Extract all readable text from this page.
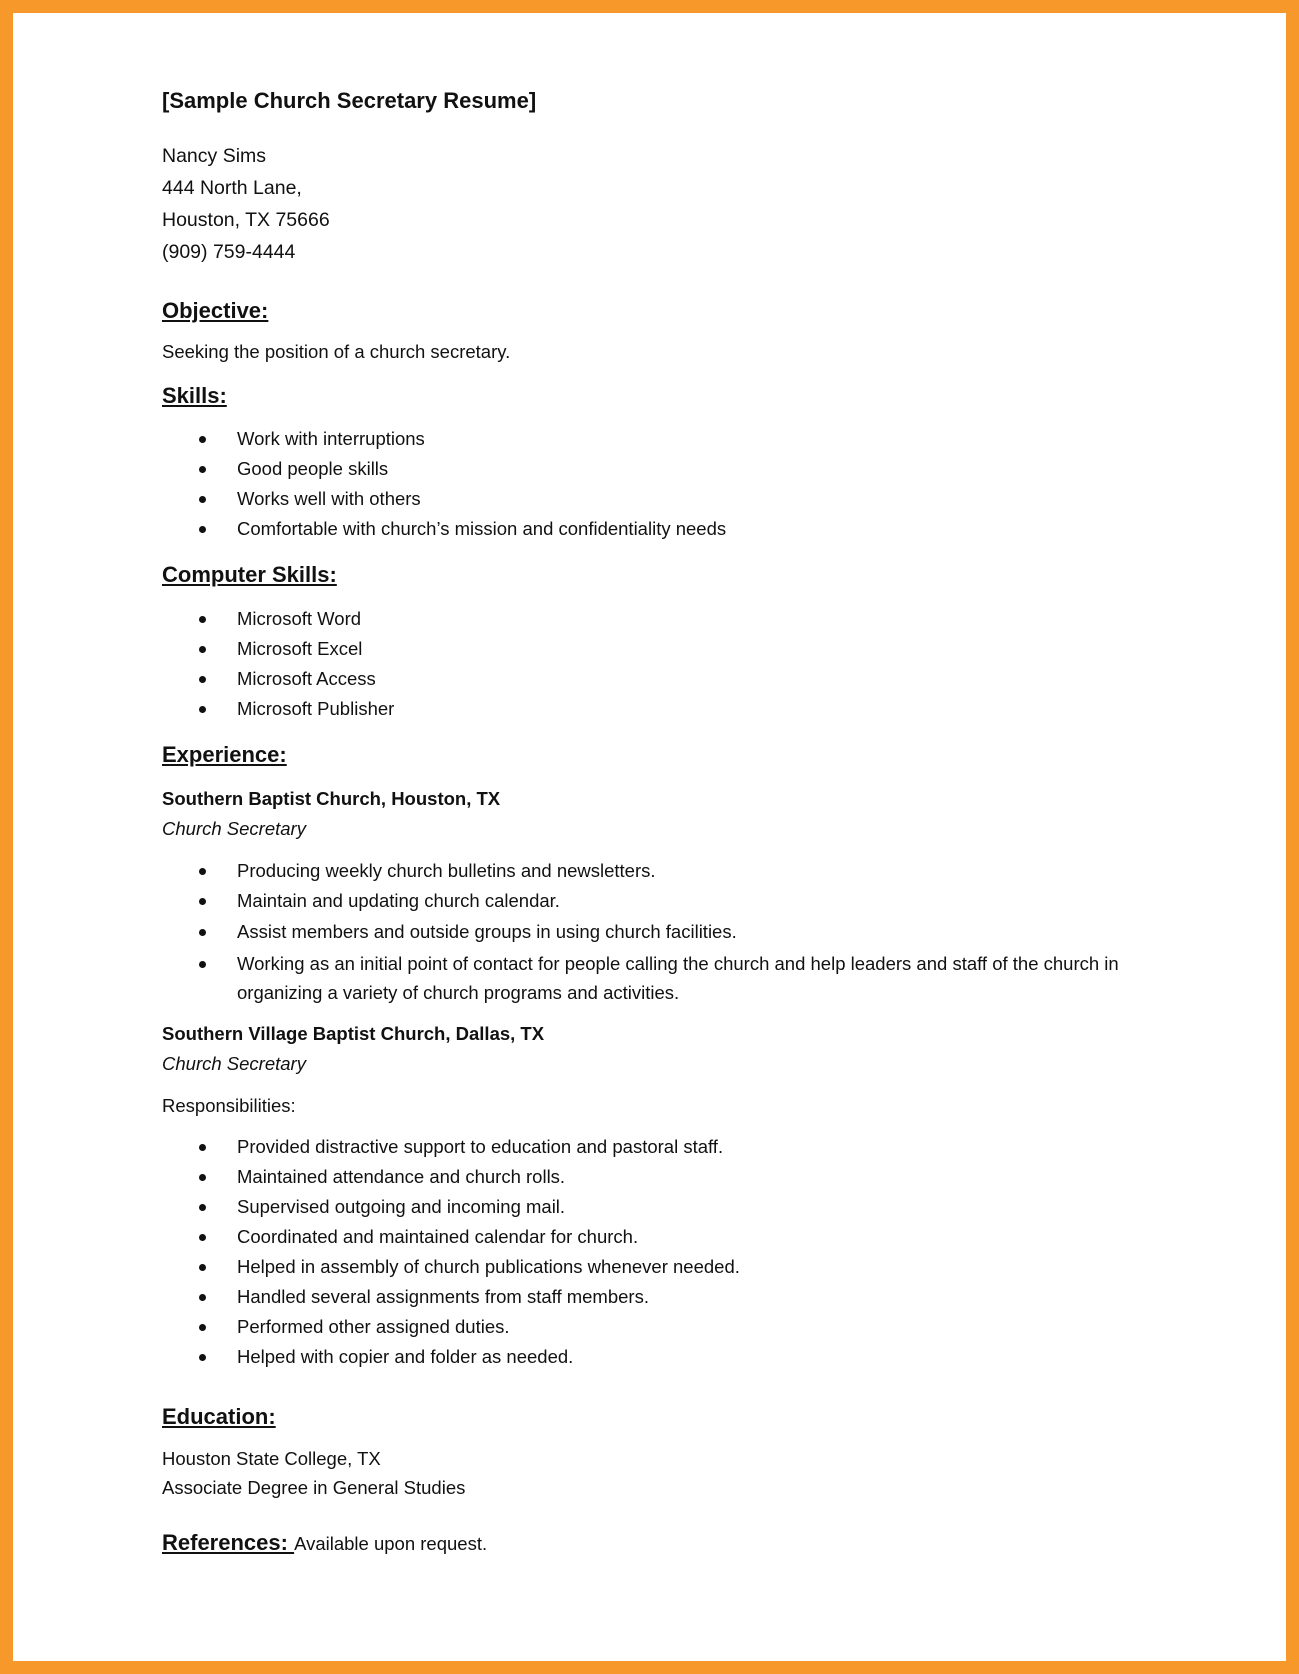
[Sample Church Secretary Resume]
Nancy Sims
444 North Lane,
Houston, TX 75666
(909) 759-4444
Objective:
Seeking the position of a church secretary.
Skills:
Work with interruptions
Good people skills
Works well with others
Comfortable with church’s mission and confidentiality needs
Computer Skills:
Microsoft Word
Microsoft Excel
Microsoft Access
Microsoft Publisher
Experience:
Southern Baptist Church, Houston, TX
Church Secretary
Producing weekly church bulletins and newsletters.
Maintain and updating church calendar.
Assist members and outside groups in using church facilities.
Working as an initial point of contact for people calling the church and help leaders and staff of the church in organizing a variety of church programs and activities.
Southern Village Baptist Church, Dallas, TX
Church Secretary
Responsibilities:
Provided distractive support to education and pastoral staff.
Maintained attendance and church rolls.
Supervised outgoing and incoming mail.
Coordinated and maintained calendar for church.
Helped in assembly of church publications whenever needed.
Handled several assignments from staff members.
Performed other assigned duties.
Helped with copier and folder as needed.
Education:
Houston State College, TX
Associate Degree in General Studies
References: Available upon request.
